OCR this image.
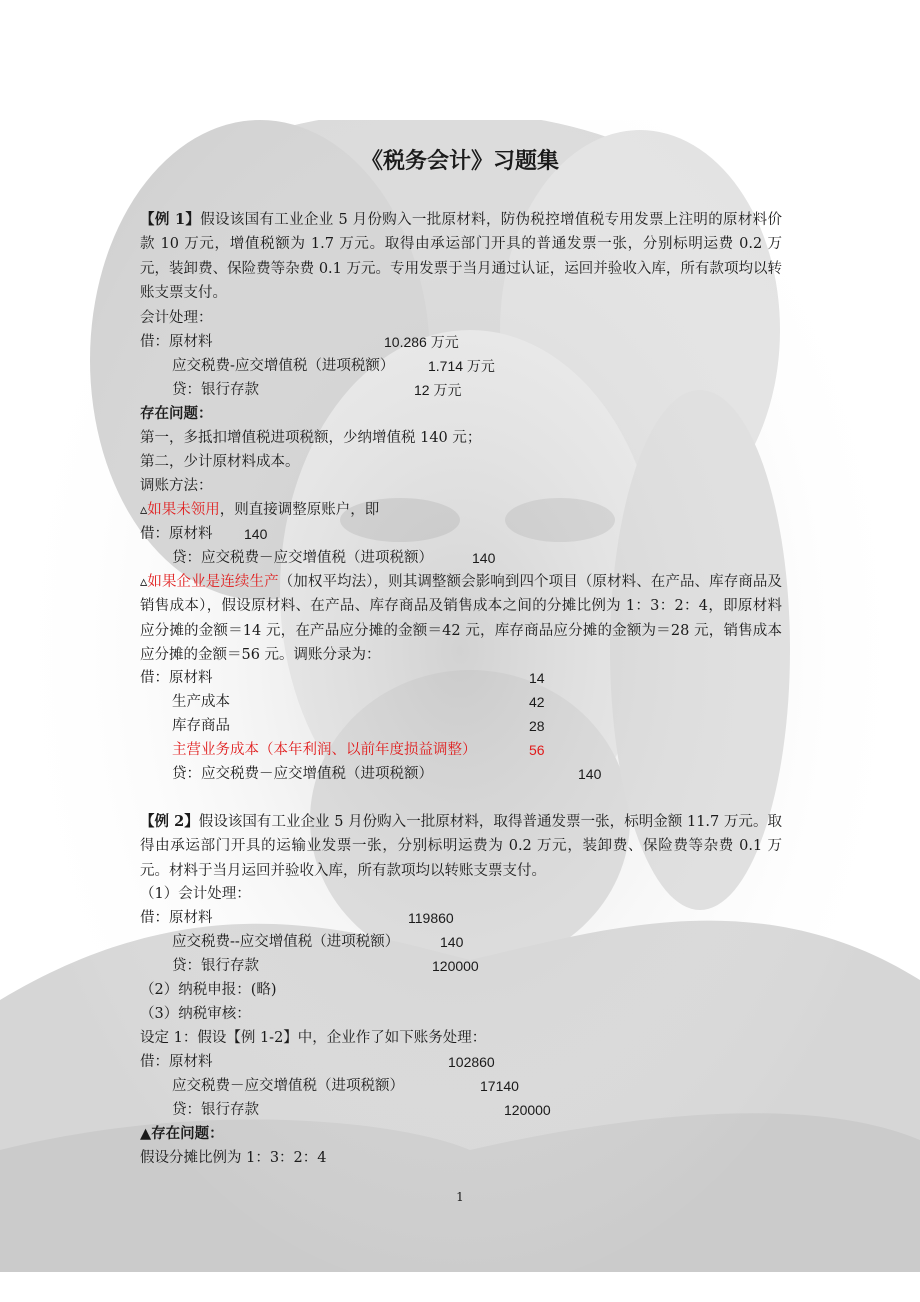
《税务会计》习题集
【例 1】假设该国有工业企业 5 月份购入一批原材料，防伪税控增值税专用发票上注明的原材料价款 10 万元，增值税额为 1.7 万元。取得由承运部门开具的普通发票一张，分别标明运费 0.2 万元，装卸费、保险费等杂费 0.1 万元。专用发票于当月通过认证，运回并验收入库，所有款项均以转账支票支付。
会计处理：
借：原材料	10.286 万元
应交税费-应交增值税（进项税额） 1.714 万元
贷：银行存款	12 万元
存在问题：
第一，多抵扣增值税进项税额，少纳增值税 140 元；
第二，少计原材料成本。
调账方法：
▵如果未领用，则直接调整原账户，即
借：原材料 140
贷：应交税费－应交增值税（进项税额）	140
▵如果企业是连续生产（加权平均法），则其调整额会影响到四个项目（原材料、在产品、库存商品及销售成本），假设原材料、在产品、库存商品及销售成本之间的分摊比例为 1：3：2：4，即原材料应分摊的金额＝14 元，在产品应分摊的金额＝42 元，库存商品应分摊的金额为＝28 元，销售成本应分摊的金额＝56 元。调账分录为：
借：原材料	14
生产成本	42
库存商品	28
主营业务成本（本年利润、以前年度损益调整）	56
贷：应交税费－应交增值税（进项税额）	140
【例 2】假设该国有工业企业 5 月份购入一批原材料，取得普通发票一张，标明金额 11.7 万元。取得由承运部门开具的运输业发票一张，分别标明运费为 0.2 万元，装卸费、保险费等杂费 0.1 万元。材料于当月运回并验收入库，所有款项均以转账支票支付。
（1）会计处理：
借：原材料	119860
应交税费--应交增值税（进项税额）	140
贷：银行存款	120000
（2）纳税申报：(略)
（3）纳税审核：
设定 1：假设【例 1-2】中，企业作了如下账务处理：
借：原材料	102860
应交税费－应交增值税（进项税额）	17140
贷：银行存款	120000
▲存在问题：
假设分摊比例为 1：3：2：4
1
